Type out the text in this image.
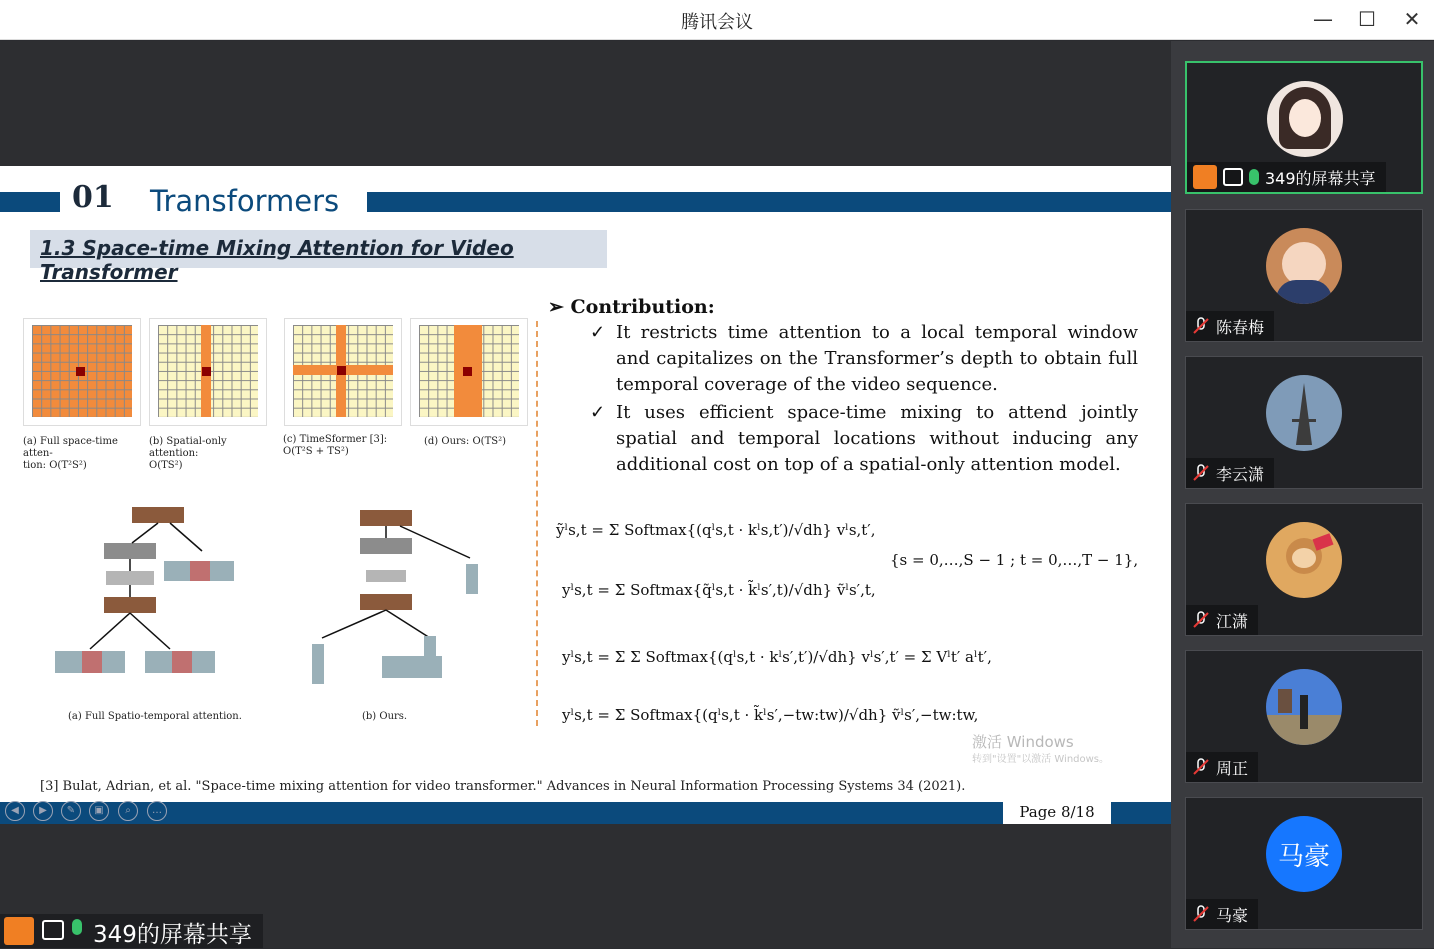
腾讯会议	—	☐	✕
01 Transformers
1.3 Space-time Mixing Attention for Video Transformer
(a) Full space-time atten-
tion: O(T²S²)
(b) Spatial-only attention:
O(TS²)
(c) TimeSformer [3]:
O(T²S + TS²)
(d) Ours: O(TS²)
(a) Full Spatio-temporal attention.	(b) Ours.
➢ Contribution:
✓ It restricts time attention to a local temporal window and capitalizes on the Transformer’s depth to obtain full temporal coverage of the video sequence.
✓ It uses efficient space-time mixing to attend jointly spatial and temporal locations without inducing any additional cost on top of a spatial-only attention model.
ỹˡs,t = Σ Softmax{(qˡs,t · kˡs,t′)/√dh} vˡs,t′,
yˡs,t = Σ Softmax{q̃ˡs,t · k̃ˡs′,t)/√dh} ṽˡs′,t,
{s = 0,…,S − 1 ; t = 0,…,T − 1},
yˡs,t = Σ Σ Softmax{(qˡs,t · kˡs′,t′)/√dh} vˡs′,t′ = Σ Vˡt′ aˡt′,
yˡs,t = Σ Softmax{(qˡs,t · k̃ˡs′,−tw:tw)/√dh} ṽˡs′,−tw:tw,
激活 Windows
转到"设置"以激活 Windows。
[3] Bulat, Adrian, et al. "Space-time mixing attention for video transformer." Advances in Neural Information Processing Systems 34 (2021).
Page 8/18
◀	▶	✎	▣	⌕	…
349的屏幕共享
349的屏幕共享
陈春梅
李云潇
江潇
周正
马豪
马豪
